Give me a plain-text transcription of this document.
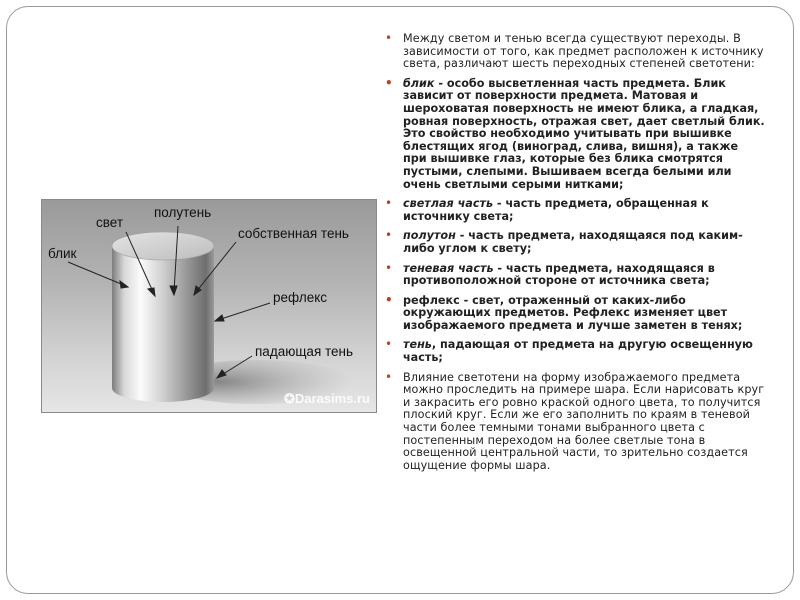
блик
свет
полутень
собственная тень
рефлекс
падающая тень
✪Darasims.ru
• Между светом и тенью всегда существуют переходы. В зависимости от того, как предмет расположен к источнику света, различают шесть переходных степеней светотени:
• блик - особо высветленная часть предмета. Блик зависит от поверхности предмета. Матовая и шероховатая поверхность не имеют блика, а гладкая, ровная поверхность, отражая свет, дает светлый блик. Это свойство необходимо учитывать при вышивке блестящих ягод (виноград, слива, вишня), а также при вышивке глаз, которые без блика смотрятся пустыми, слепыми. Вышиваем всегда белыми или очень светлыми серыми нитками;
• светлая часть - часть предмета, обращенная к источнику света;
• полутон - часть предмета, находящаяся под каким-либо углом к свету;
• теневая часть - часть предмета, находящаяся в противоположной стороне от источника света;
• рефлекс - свет, отраженный от каких-либо окружающих предметов. Рефлекс изменяет цвет изображаемого предмета и лучше заметен в тенях;
• тень, падающая от предмета на другую освещенную часть;
• Влияние светотени на форму изображаемого предмета можно проследить на примере шара. Если нарисовать круг и закрасить его ровно краской одного цвета, то получится плоский круг. Если же его заполнить по краям в теневой части более темными тонами выбранного цвета с постепенным переходом на более светлые тона в освещенной центральной части, то зрительно создается ощущение формы шара.
